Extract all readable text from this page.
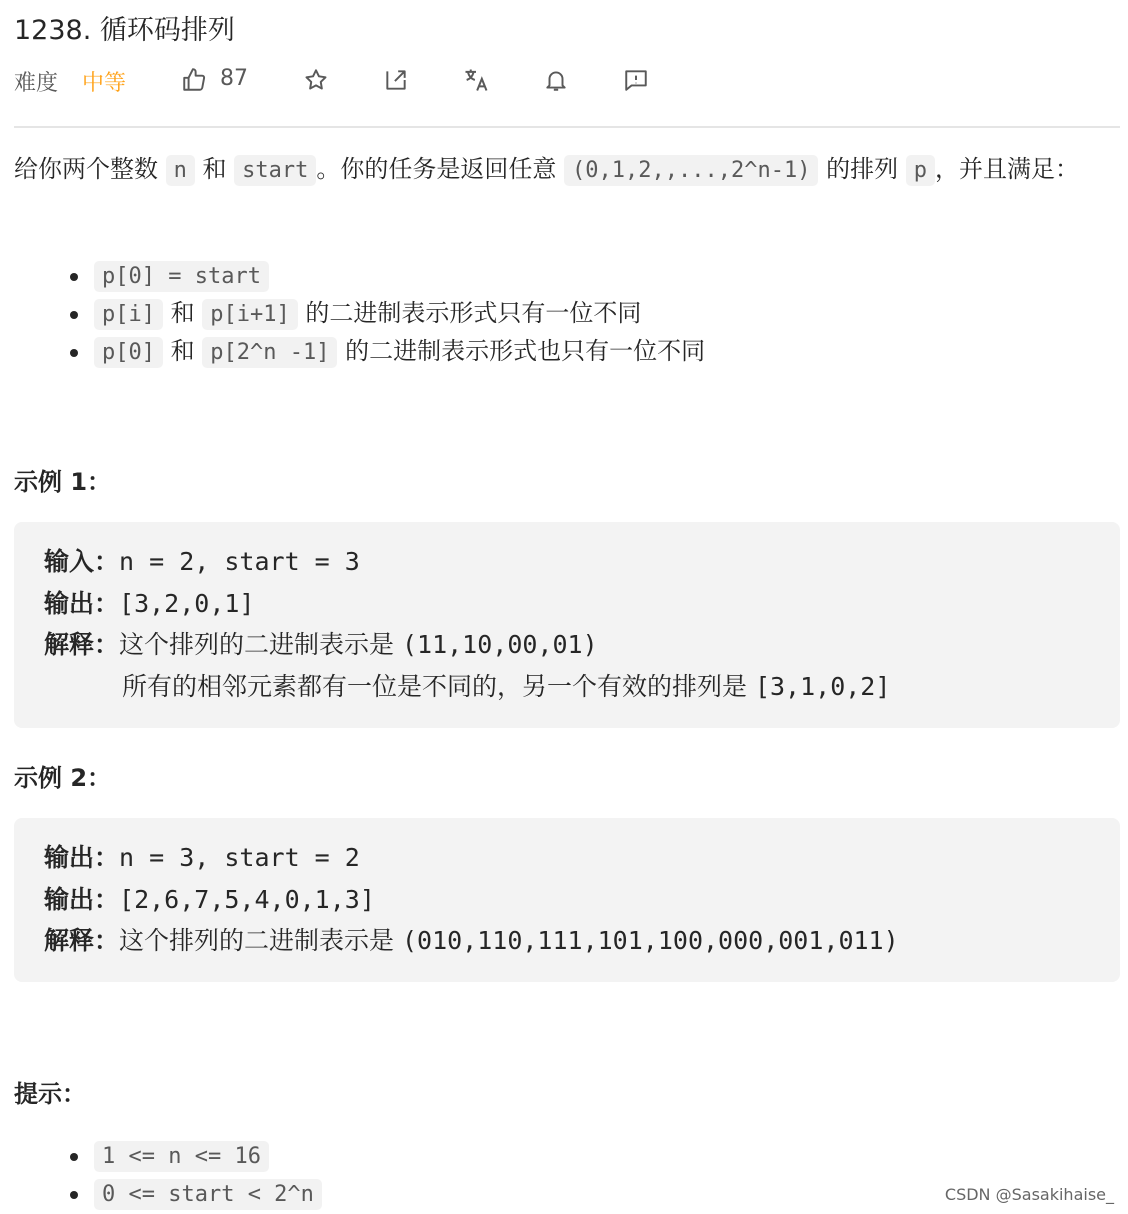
1238. 循环码排列
难度 中等	87
给你两个整数 n 和 start 。你的任务是返回任意 (0,1,2,,...,2^n-1) 的排列 p ，并且满足：
p[0] = start
p[i] 和 p[i+1] 的二进制表示形式只有一位不同
p[0] 和 p[2^n -1] 的二进制表示形式也只有一位不同
示例 1：
输入：n = 2, start = 3
输出：[3,2,0,1]
解释：这个排列的二进制表示是 (11,10,00,01)
所有的相邻元素都有一位是不同的，另一个有效的排列是 [3,1,0,2]
示例 2：
输出：n = 3, start = 2
输出：[2,6,7,5,4,0,1,3]
解释：这个排列的二进制表示是 (010,110,111,101,100,000,001,011)
提示：
1 <= n <= 16
0 <= start < 2^n	CSDN @Sasakihaise_
